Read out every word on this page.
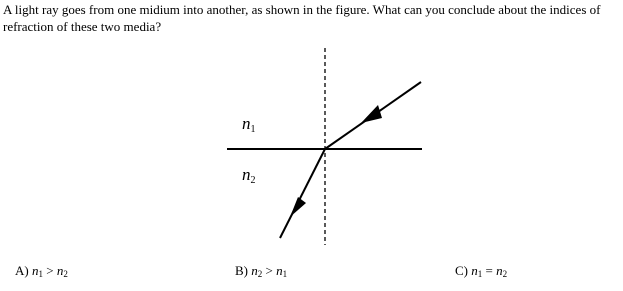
A light ray goes from one midium into another, as shown in the figure. What can you conclude about the indices of refraction of these two media?
$n_1$
$n_2$
A) $n_1 > n_2$	B) $n_2 > n_1$	C) $n_1 = n_2$
